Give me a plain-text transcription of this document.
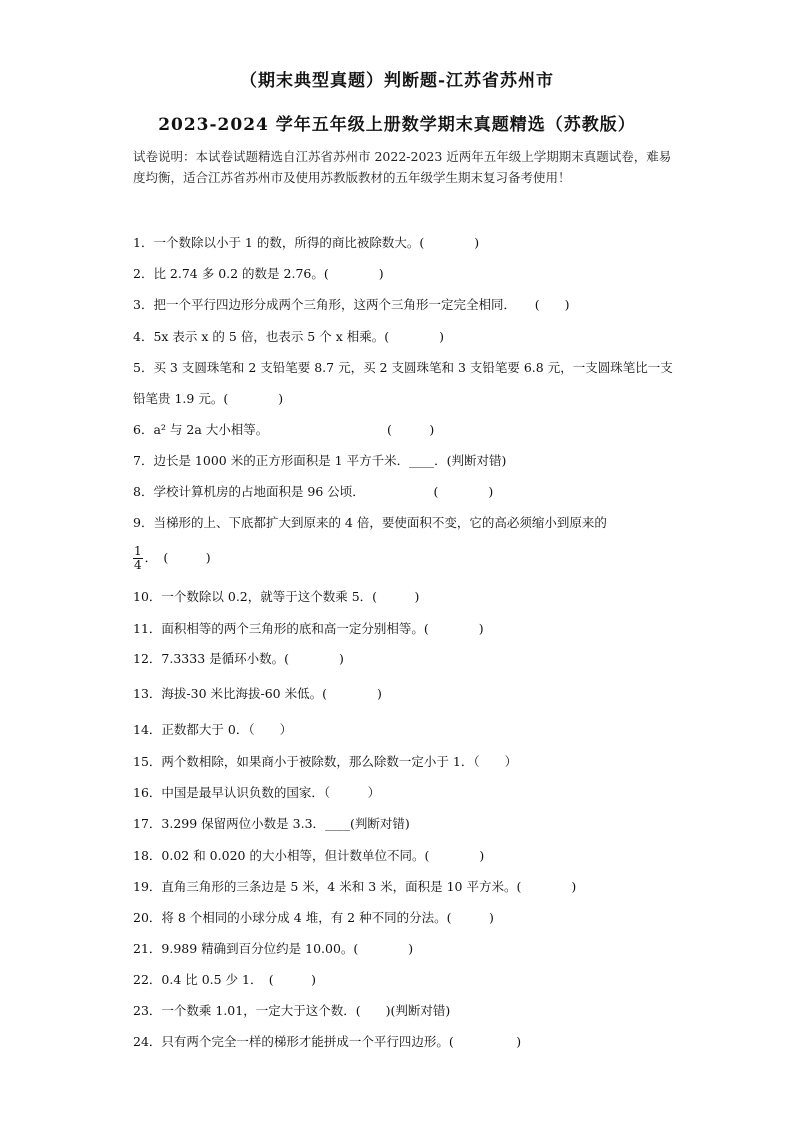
（期末典型真题）判断题-江苏省苏州市
2023-2024 学年五年级上册数学期末真题精选（苏教版）
试卷说明：本试卷试题精选自江苏省苏州市 2022-2023 近两年五年级上学期期末真题试卷，难易度均衡，适合江苏省苏州市及使用苏教版教材的五年级学生期末复习备考使用！
1．一个数除以小于 1 的数，所得的商比被除数大。(　　　　)
2．比 2.74 多 0.2 的数是 2.76。(　　　　)
3．把一个平行四边形分成两个三角形，这两个三角形一定完全相同．　　(　　)
4．5x 表示 x 的 5 倍，也表示 5 个 x 相乘。(　　　　)
5．买 3 支圆珠笔和 2 支铅笔要 8.7 元，买 2 支圆珠笔和 3 支铅笔要 6.8 元，一支圆珠笔比一支铅笔贵 1.9 元。(　　　　)
6．a² 与 2a 大小相等。　　　　　　　　　　(　　　)
7．边长是 1000 米的正方形面积是 1 平方千米．____．(判断对错)
8．学校计算机房的占地面积是 96 公顷．　　　　　　(　　　　)
9．当梯形的上、下底都扩大到原来的 4 倍，要使面积不变，它的高必须缩小到原来的
$\frac{1}{4}$ ．　(　　　)
10．一个数除以 0.2，就等于这个数乘 5．(　　　)
11．面积相等的两个三角形的底和高一定分别相等。(　　　　)
12．7.3333 是循环小数。(　　　　)
13．海拔-30 米比海拔-60 米低。(　　　　)
14．正数都大于 0．（　　）
15．两个数相除，如果商小于被除数，那么除数一定小于 1．（　　）
16．中国是最早认识负数的国家．（　　　）
17．3.299 保留两位小数是 3.3．____(判断对错)
18．0.02 和 0.020 的大小相等，但计数单位不同。(　　　　)
19．直角三角形的三条边是 5 米，4 米和 3 米，面积是 10 平方米。(　　　　)
20．将 8 个相同的小球分成 4 堆，有 2 种不同的分法。(　　　)
21．9.989 精确到百分位约是 10.00。(　　　　)
22．0.4 比 0.5 少 1．　(　　　)
23．一个数乘 1.01，一定大于这个数．(　　)(判断对错)
24．只有两个完全一样的梯形才能拼成一个平行四边形。(　　　　　)
